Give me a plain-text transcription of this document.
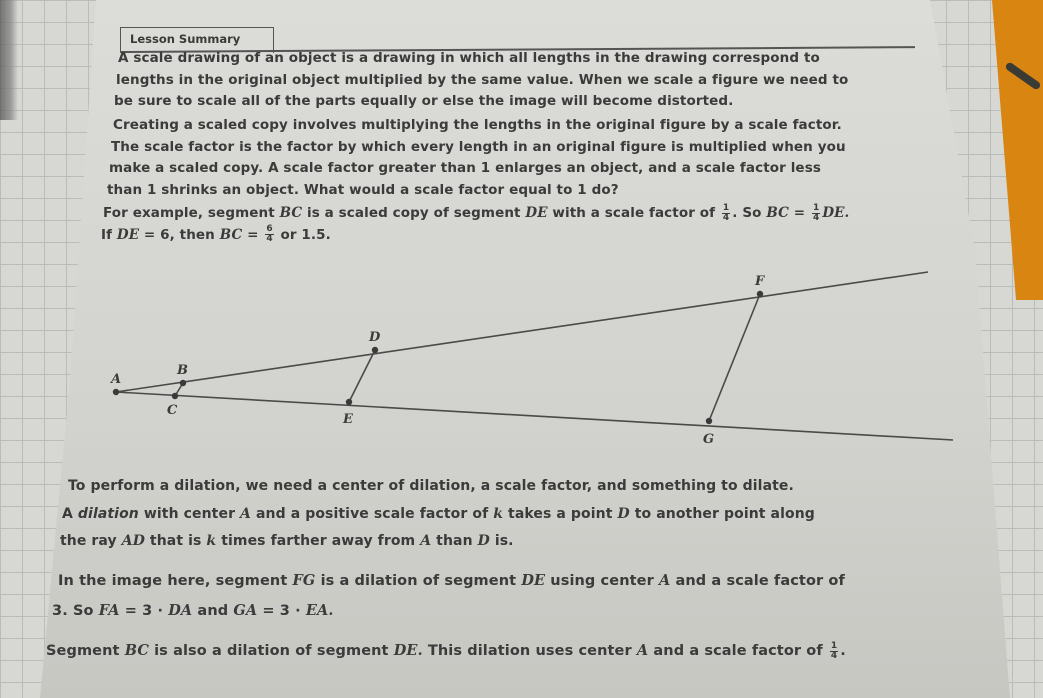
Lesson Summary
A scale drawing of an object is a drawing in which all lengths in the drawing correspond to
lengths in the original object multiplied by the same value. When we scale a figure we need to
be sure to scale all of the parts equally or else the image will become distorted.
Creating a scaled copy involves multiplying the lengths in the original figure by a scale factor.
The scale factor is the factor by which every length in an original figure is multiplied when you
make a scaled copy. A scale factor greater than 1 enlarges an object, and a scale factor less
than 1 shrinks an object. What would a scale factor equal to 1 do?
For example, segment BC is a scaled copy of segment DE with a scale factor of $\frac{1}{4}$ . So BC = $\frac{1}{4}$ DE.
If DE = 6, then BC = $\frac{6}{4}$ or 1.5.
A
B
C
D
E
F
G
To perform a dilation, we need a center of dilation, a scale factor, and something to dilate.
A dilation with center A and a positive scale factor of k takes a point D to another point along
the ray AD that is k times farther away from A than D is.
In the image here, segment FG is a dilation of segment DE using center A and a scale factor of
3. So FA = 3 · DA and GA = 3 · EA.
Segment BC is also a dilation of segment DE. This dilation uses center A and a scale factor of $\frac{1}{4}$ .
